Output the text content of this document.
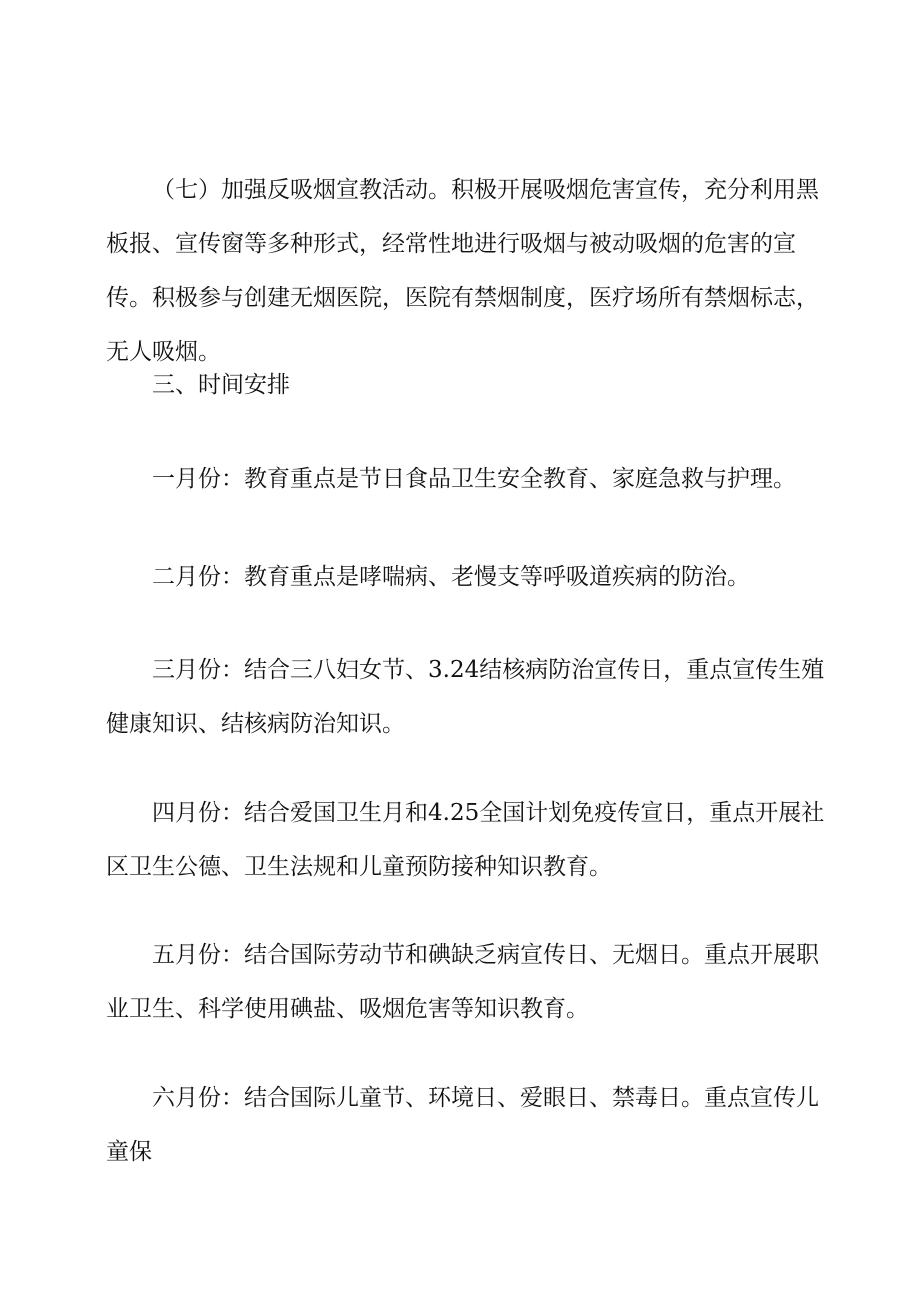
（七）加强反吸烟宣教活动。积极开展吸烟危害宣传，充分利用黑板报、宣传窗等多种形式，经常性地进行吸烟与被动吸烟的危害的宣传。积极参与创建无烟医院，医院有禁烟制度，医疗场所有禁烟标志，无人吸烟。

三、时间安排

一月份：教育重点是节日食品卫生安全教育、家庭急救与护理。

二月份：教育重点是哮喘病、老慢支等呼吸道疾病的防治。

三月份：结合三八妇女节、3.24结核病防治宣传日，重点宣传生殖健康知识、结核病防治知识。

四月份：结合爱国卫生月和4.25全国计划免疫传宣日，重点开展社区卫生公德、卫生法规和儿童预防接种知识教育。

五月份：结合国际劳动节和碘缺乏病宣传日、无烟日。重点开展职业卫生、科学使用碘盐、吸烟危害等知识教育。

六月份：结合国际儿童节、环境日、爱眼日、禁毒日。重点宣传儿童保
